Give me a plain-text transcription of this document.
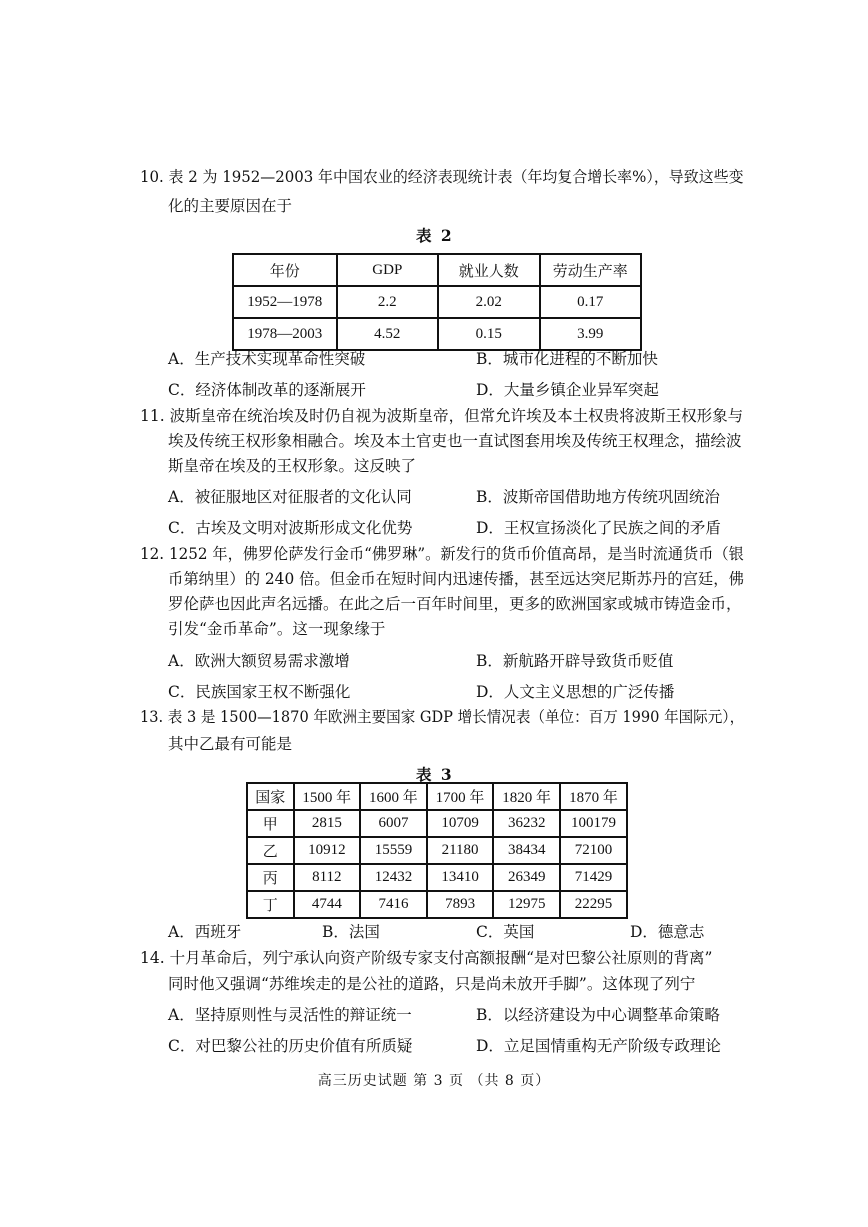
10. 表 2 为 1952—2003 年中国农业的经济表现统计表（年均复合增长率%），导致这些变
化的主要原因在于
表 2
年份	GDP	就业人数	劳动生产率
1952—1978	2.2	2.02	0.17
1978—2003	4.52	0.15	3.99
A．生产技术实现革命性突破	B．城市化进程的不断加快
C．经济体制改革的逐渐展开	D．大量乡镇企业异军突起
11. 波斯皇帝在统治埃及时仍自视为波斯皇帝，但常允许埃及本土权贵将波斯王权形象与
埃及传统王权形象相融合。埃及本土官吏也一直试图套用埃及传统王权理念，描绘波
斯皇帝在埃及的王权形象。这反映了
A．被征服地区对征服者的文化认同	B．波斯帝国借助地方传统巩固统治
C．古埃及文明对波斯形成文化优势	D．王权宣扬淡化了民族之间的矛盾
12. 1252 年，佛罗伦萨发行金币“佛罗琳”。新发行的货币价值高昂，是当时流通货币（银
币第纳里）的 240 倍。但金币在短时间内迅速传播，甚至远达突尼斯苏丹的宫廷，佛
罗伦萨也因此声名远播。在此之后一百年时间里，更多的欧洲国家或城市铸造金币，
引发“金币革命”。这一现象缘于
A．欧洲大额贸易需求激增	B．新航路开辟导致货币贬值
C．民族国家王权不断强化	D．人文主义思想的广泛传播
13. 表 3 是 1500—1870 年欧洲主要国家 GDP 增长情况表（单位：百万 1990 年国际元），
其中乙最有可能是
表 3
国家	1500 年	1600 年	1700 年	1820 年	1870 年
甲	2815	6007	10709	36232	100179
乙	10912	15559	21180	38434	72100
丙	8112	12432	13410	26349	71429
丁	4744	7416	7893	12975	22295
A．西班牙	B．法国	C．英国	D．德意志
14. 十月革命后，列宁承认向资产阶级专家支付高额报酬“是对巴黎公社原则的背离”
同时他又强调“苏维埃走的是公社的道路，只是尚未放开手脚”。这体现了列宁
A．坚持原则性与灵活性的辩证统一	B．以经济建设为中心调整革命策略
C．对巴黎公社的历史价值有所质疑	D．立足国情重构无产阶级专政理论
高三历史试题 第 3 页 （共 8 页）
